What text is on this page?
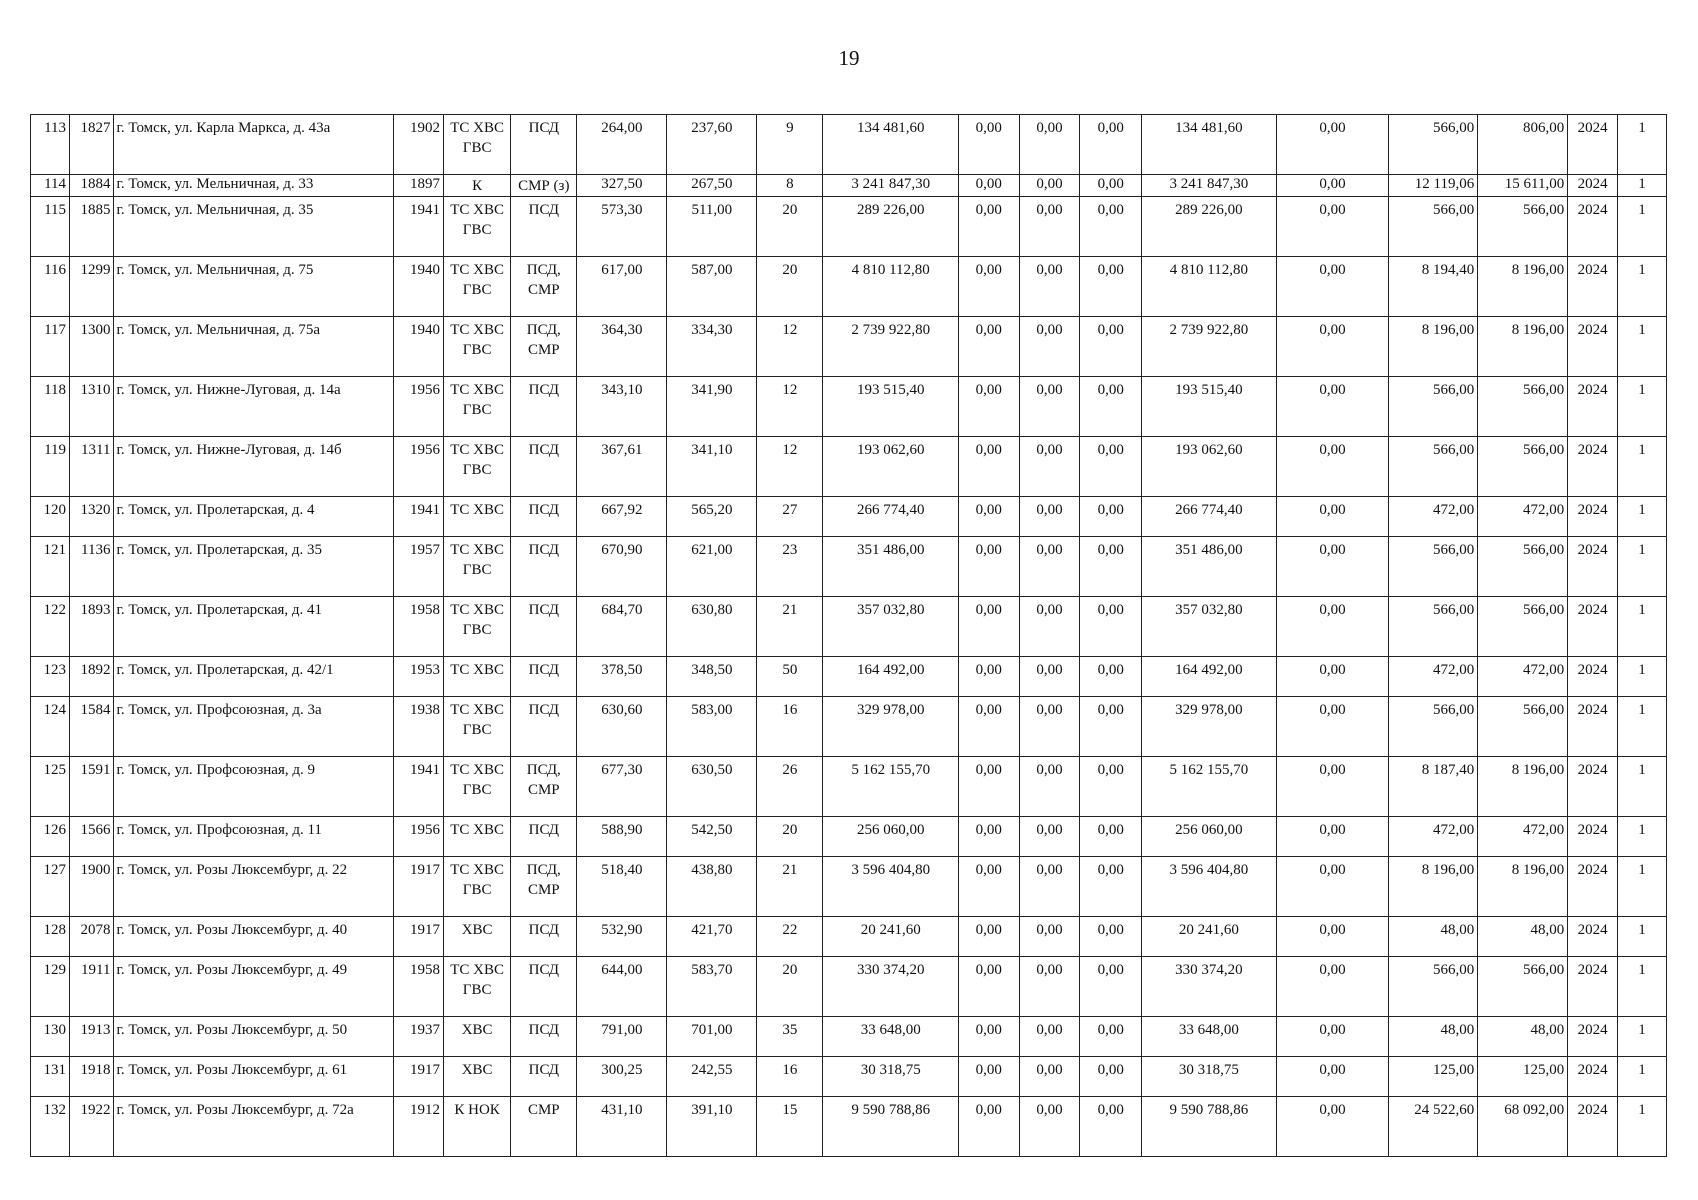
19
113	1827	г. Томск, ул. Карла Маркса, д. 43а	1902	ТС ХВС ГВС	ПСД	264,00	237,60	9	134 481,60	0,00	0,00	0,00	134 481,60	0,00	566,00	806,00	2024	1
114	1884	г. Томск, ул. Мельничная, д. 33	1897	К	СМР (з)	327,50	267,50	8	3 241 847,30	0,00	0,00	0,00	3 241 847,30	0,00	12 119,06	15 611,00	2024	1
115	1885	г. Томск, ул. Мельничная, д. 35	1941	ТС ХВС ГВС	ПСД	573,30	511,00	20	289 226,00	0,00	0,00	0,00	289 226,00	0,00	566,00	566,00	2024	1
116	1299	г. Томск, ул. Мельничная, д. 75	1940	ТС ХВС ГВС	ПСД, СМР	617,00	587,00	20	4 810 112,80	0,00	0,00	0,00	4 810 112,80	0,00	8 194,40	8 196,00	2024	1
117	1300	г. Томск, ул. Мельничная, д. 75а	1940	ТС ХВС ГВС	ПСД, СМР	364,30	334,30	12	2 739 922,80	0,00	0,00	0,00	2 739 922,80	0,00	8 196,00	8 196,00	2024	1
118	1310	г. Томск, ул. Нижне-Луговая, д. 14а	1956	ТС ХВС ГВС	ПСД	343,10	341,90	12	193 515,40	0,00	0,00	0,00	193 515,40	0,00	566,00	566,00	2024	1
119	1311	г. Томск, ул. Нижне-Луговая, д. 14б	1956	ТС ХВС ГВС	ПСД	367,61	341,10	12	193 062,60	0,00	0,00	0,00	193 062,60	0,00	566,00	566,00	2024	1
120	1320	г. Томск, ул. Пролетарская, д. 4	1941	ТС ХВС	ПСД	667,92	565,20	27	266 774,40	0,00	0,00	0,00	266 774,40	0,00	472,00	472,00	2024	1
121	1136	г. Томск, ул. Пролетарская, д. 35	1957	ТС ХВС ГВС	ПСД	670,90	621,00	23	351 486,00	0,00	0,00	0,00	351 486,00	0,00	566,00	566,00	2024	1
122	1893	г. Томск, ул. Пролетарская, д. 41	1958	ТС ХВС ГВС	ПСД	684,70	630,80	21	357 032,80	0,00	0,00	0,00	357 032,80	0,00	566,00	566,00	2024	1
123	1892	г. Томск, ул. Пролетарская, д. 42/1	1953	ТС ХВС	ПСД	378,50	348,50	50	164 492,00	0,00	0,00	0,00	164 492,00	0,00	472,00	472,00	2024	1
124	1584	г. Томск, ул. Профсоюзная, д. 3а	1938	ТС ХВС ГВС	ПСД	630,60	583,00	16	329 978,00	0,00	0,00	0,00	329 978,00	0,00	566,00	566,00	2024	1
125	1591	г. Томск, ул. Профсоюзная, д. 9	1941	ТС ХВС ГВС	ПСД, СМР	677,30	630,50	26	5 162 155,70	0,00	0,00	0,00	5 162 155,70	0,00	8 187,40	8 196,00	2024	1
126	1566	г. Томск, ул. Профсоюзная, д. 11	1956	ТС ХВС	ПСД	588,90	542,50	20	256 060,00	0,00	0,00	0,00	256 060,00	0,00	472,00	472,00	2024	1
127	1900	г. Томск, ул. Розы Люксембург, д. 22	1917	ТС ХВС ГВС	ПСД, СМР	518,40	438,80	21	3 596 404,80	0,00	0,00	0,00	3 596 404,80	0,00	8 196,00	8 196,00	2024	1
128	2078	г. Томск, ул. Розы Люксембург, д. 40	1917	ХВС	ПСД	532,90	421,70	22	20 241,60	0,00	0,00	0,00	20 241,60	0,00	48,00	48,00	2024	1
129	1911	г. Томск, ул. Розы Люксембург, д. 49	1958	ТС ХВС ГВС	ПСД	644,00	583,70	20	330 374,20	0,00	0,00	0,00	330 374,20	0,00	566,00	566,00	2024	1
130	1913	г. Томск, ул. Розы Люксембург, д. 50	1937	ХВС	ПСД	791,00	701,00	35	33 648,00	0,00	0,00	0,00	33 648,00	0,00	48,00	48,00	2024	1
131	1918	г. Томск, ул. Розы Люксембург, д. 61	1917	ХВС	ПСД	300,25	242,55	16	30 318,75	0,00	0,00	0,00	30 318,75	0,00	125,00	125,00	2024	1
132	1922	г. Томск, ул. Розы Люксембург, д. 72а	1912	К НОК	СМР	431,10	391,10	15	9 590 788,86	0,00	0,00	0,00	9 590 788,86	0,00	24 522,60	68 092,00	2024	1
